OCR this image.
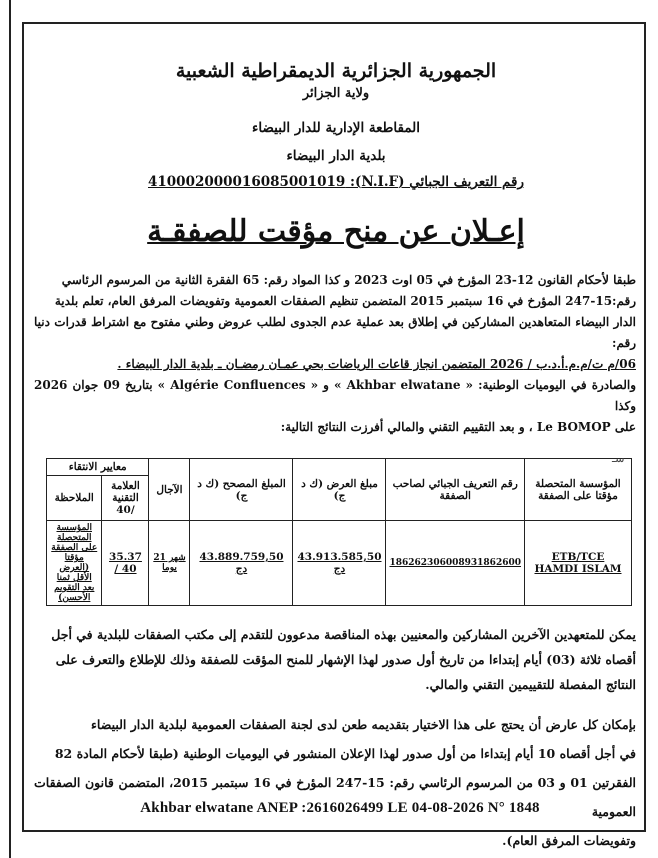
الجمهورية الجزائرية الديمقراطية الشعبية
ولاية الجزائر
المقاطعة الإدارية للدار البيضاء
بلدية الدار البيضاء
رقم التعريف الجبائي (N.I.F): 410002000016085001019
إعـلان عن منح مؤقت للصفقـة
طبقا لأحكام القانون 12-23 المؤرخ في 05 اوت 2023 و كذا المواد رقم: 65 الفقرة الثانية من المرسوم الرئاسي
رقم:15-247 المؤرخ في 16 سبتمبر 2015 المتضمن تنظيم الصفقات العمومية وتفويضات المرفق العام، تعلم بلدية
الدار البيضاء المتعاهدين المشاركين في إطلاق بعد عملية عدم الجدوى لطلب عروض وطني مفتوح مع اشتراط قدرات دنيا رقم:
06/م ت/م.م.أ.د.ب / 2026 المتضمن انجاز قاعات الرياضات بحي عمـان رمضـان ـ بلدية الدار البيضاء .
والصادرة في اليوميات الوطنية: « Akhbar elwatane » و « Algérie Confluences » بتاريخ 09 جوان 2026 وكذا
على Le BOMOP ، و بعد التقييم التقني والمالي أفرزت النتائج التالية:
المؤسسة المتحصلة مؤقتا على الصفقة	رقم التعريف الجبائي لصاحب الصفقة	مبلغ العرض (ك د ج)	المبلغ المصحح (ك د ج)	الآجال	معايير الانتقاء	
					العلامة التقنية /40	الملاحظة
ETB/TCE HAMDI ISLAM	186262306008931862600	43.913.585,50 دج	43.889.759,50 دج	شهر 21 يوما	35.37 / 40	المؤسسة المتحصلة على الصفقة مؤقتا (العرض الأقل ثمنا بعد التقويم الأحسن)
يمكن للمتعهدين الآخرين المشاركين والمعنيين بهذه المناقصة مدعوون للتقدم إلى مكتب الصفقات للبلدية في أجل
أقصاه ثلاثة (03) أيام إبتداءا من تاريخ أول صدور لهذا الإشهار للمنح المؤقت للصفقة وذلك للإطلاع والتعرف على
النتائج المفصلة للتقييمين التقني والمالي.
بإمكان كل عارض أن يحتج على هذا الاختيار بتقديمه طعن لدى لجنة الصفقات العمومية لبلدية الدار البيضاء
في أجل أقصاه 10 أيام إبتداءا من أول صدور لهذا الإعلان المنشور في اليوميات الوطنية (طبقا لأحكام المادة 82
الفقرتين 01 و 03 من المرسوم الرئاسي رقم: 15-247 المؤرخ في 16 سبتمبر 2015، المتضمن قانون الصفقات العمومية
وتفويضات المرفق العام).
سـ
Akhbar elwatane ANEP :2616026499 LE 04-08-2026 N° 1848
